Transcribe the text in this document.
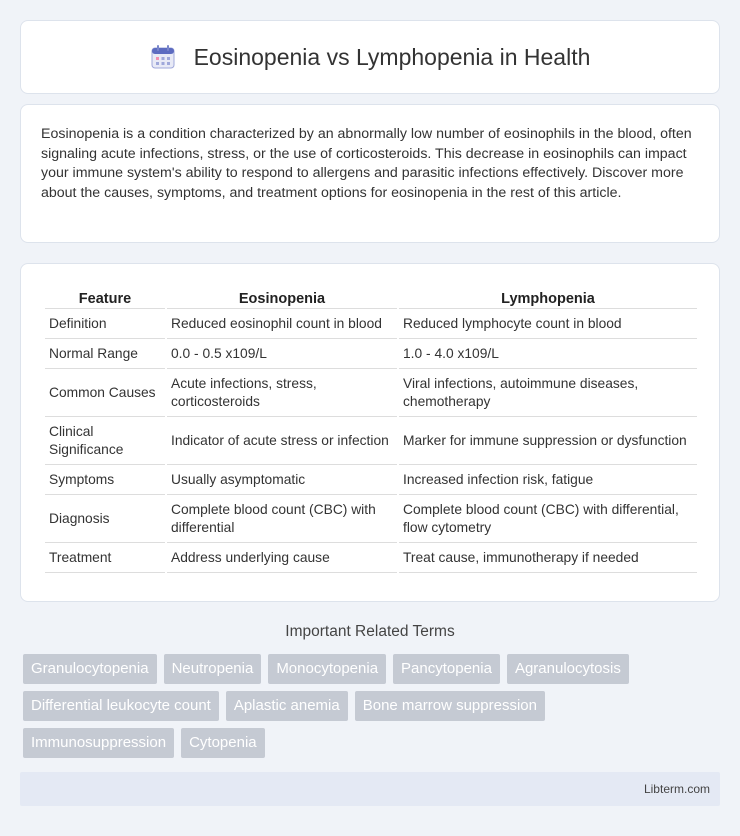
Eosinopenia vs Lymphopenia in Health

Eosinopenia is a condition characterized by an abnormally low number of eosinophils in the blood, often signaling acute infections, stress, or the use of corticosteroids. This decrease in eosinophils can impact your immune system's ability to respond to allergens and parasitic infections effectively. Discover more about the causes, symptoms, and treatment options for eosinopenia in the rest of this article.

Feature	Eosinopenia	Lymphopenia
Definition	Reduced eosinophil count in blood	Reduced lymphocyte count in blood
Normal Range	0.0 - 0.5 x109/L	1.0 - 4.0 x109/L
Common Causes	Acute infections, stress, corticosteroids	Viral infections, autoimmune diseases, chemotherapy
Clinical Significance	Indicator of acute stress or infection	Marker for immune suppression or dysfunction
Symptoms	Usually asymptomatic	Increased infection risk, fatigue
Diagnosis	Complete blood count (CBC) with differential	Complete blood count (CBC) with differential, flow cytometry
Treatment	Address underlying cause	Treat cause, immunotherapy if needed
Important Related Terms
Granulocytopenia	Neutropenia	Monocytopenia	Pancytopenia	Agranulocytosis
Differential leukocyte count	Aplastic anemia	Bone marrow suppression
Immunosuppression	Cytopenia
Libterm.com
